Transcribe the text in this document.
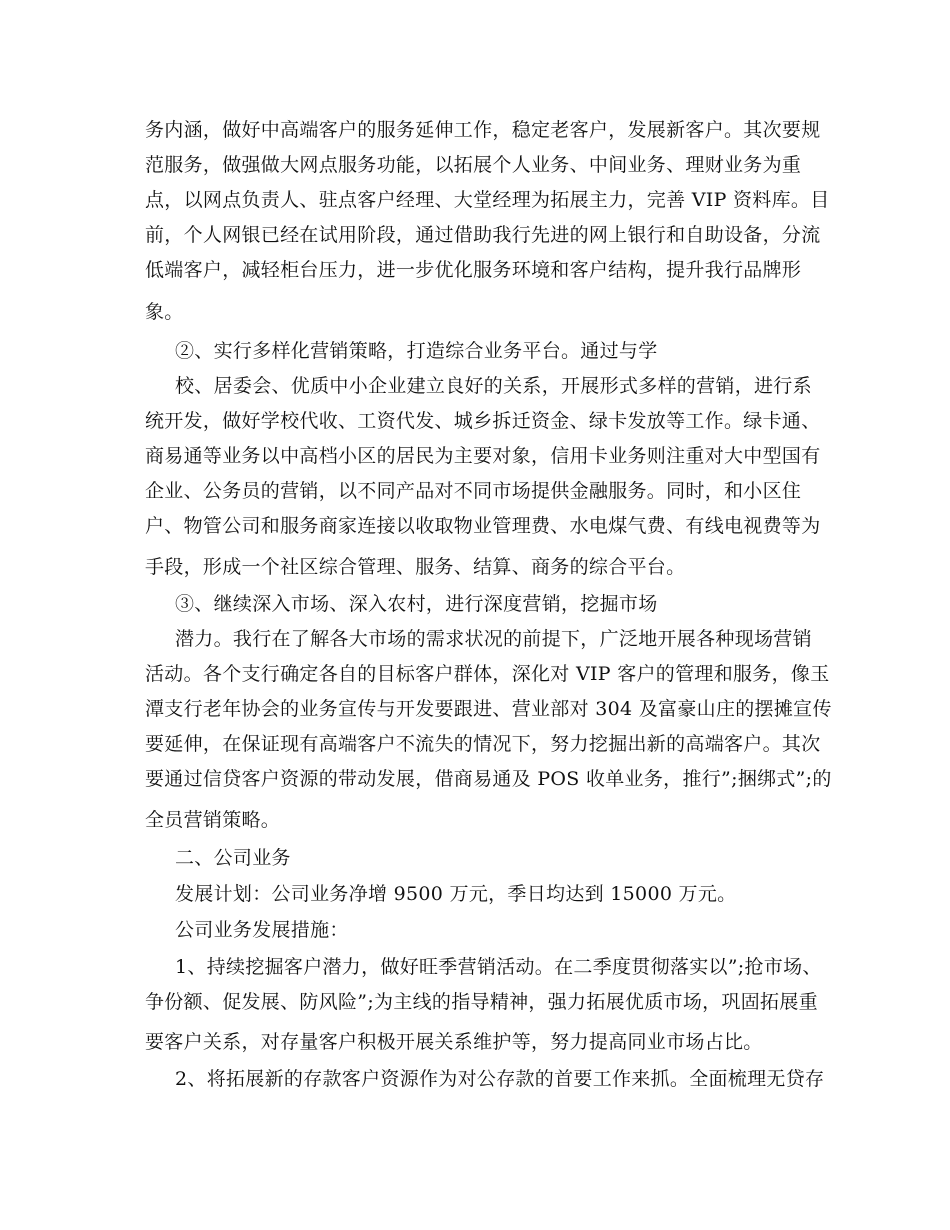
务内涵，做好中高端客户的服务延伸工作，稳定老客户，发展新客户。其次要规
范服务，做强做大网点服务功能，以拓展个人业务、中间业务、理财业务为重
点，以网点负责人、驻点客户经理、大堂经理为拓展主力，完善 VIP 资料库。目
前，个人网银已经在试用阶段，通过借助我行先进的网上银行和自助设备，分流
低端客户，减轻柜台压力，进一步优化服务环境和客户结构，提升我行品牌形
象。
②、实行多样化营销策略，打造综合业务平台。通过与学
校、居委会、优质中小企业建立良好的关系，开展形式多样的营销，进行系
统开发，做好学校代收、工资代发、城乡拆迁资金、绿卡发放等工作。绿卡通、
商易通等业务以中高档小区的居民为主要对象，信用卡业务则注重对大中型国有
企业、公务员的营销，以不同产品对不同市场提供金融服务。同时，和小区住
户、物管公司和服务商家连接以收取物业管理费、水电煤气费、有线电视费等为
手段，形成一个社区综合管理、服务、结算、商务的综合平台。
③、继续深入市场、深入农村，进行深度营销，挖掘市场
潜力。我行在了解各大市场的需求状况的前提下，广泛地开展各种现场营销
活动。各个支行确定各自的目标客户群体，深化对 VIP 客户的管理和服务，像玉
潭支行老年协会的业务宣传与开发要跟进、营业部对 304 及富豪山庄的摆摊宣传
要延伸，在保证现有高端客户不流失的情况下，努力挖掘出新的高端客户。其次
要通过信贷客户资源的带动发展，借商易通及 POS 收单业务，推行”;捆绑式”;的
全员营销策略。
二、公司业务
发展计划：公司业务净增 9500 万元，季日均达到 15000 万元。
公司业务发展措施：
1、持续挖掘客户潜力，做好旺季营销活动。在二季度贯彻落实以”;抢市场、
争份额、促发展、防风险”;为主线的指导精神，强力拓展优质市场，巩固拓展重
要客户关系，对存量客户积极开展关系维护等，努力提高同业市场占比。
2、将拓展新的存款客户资源作为对公存款的首要工作来抓。全面梳理无贷存
